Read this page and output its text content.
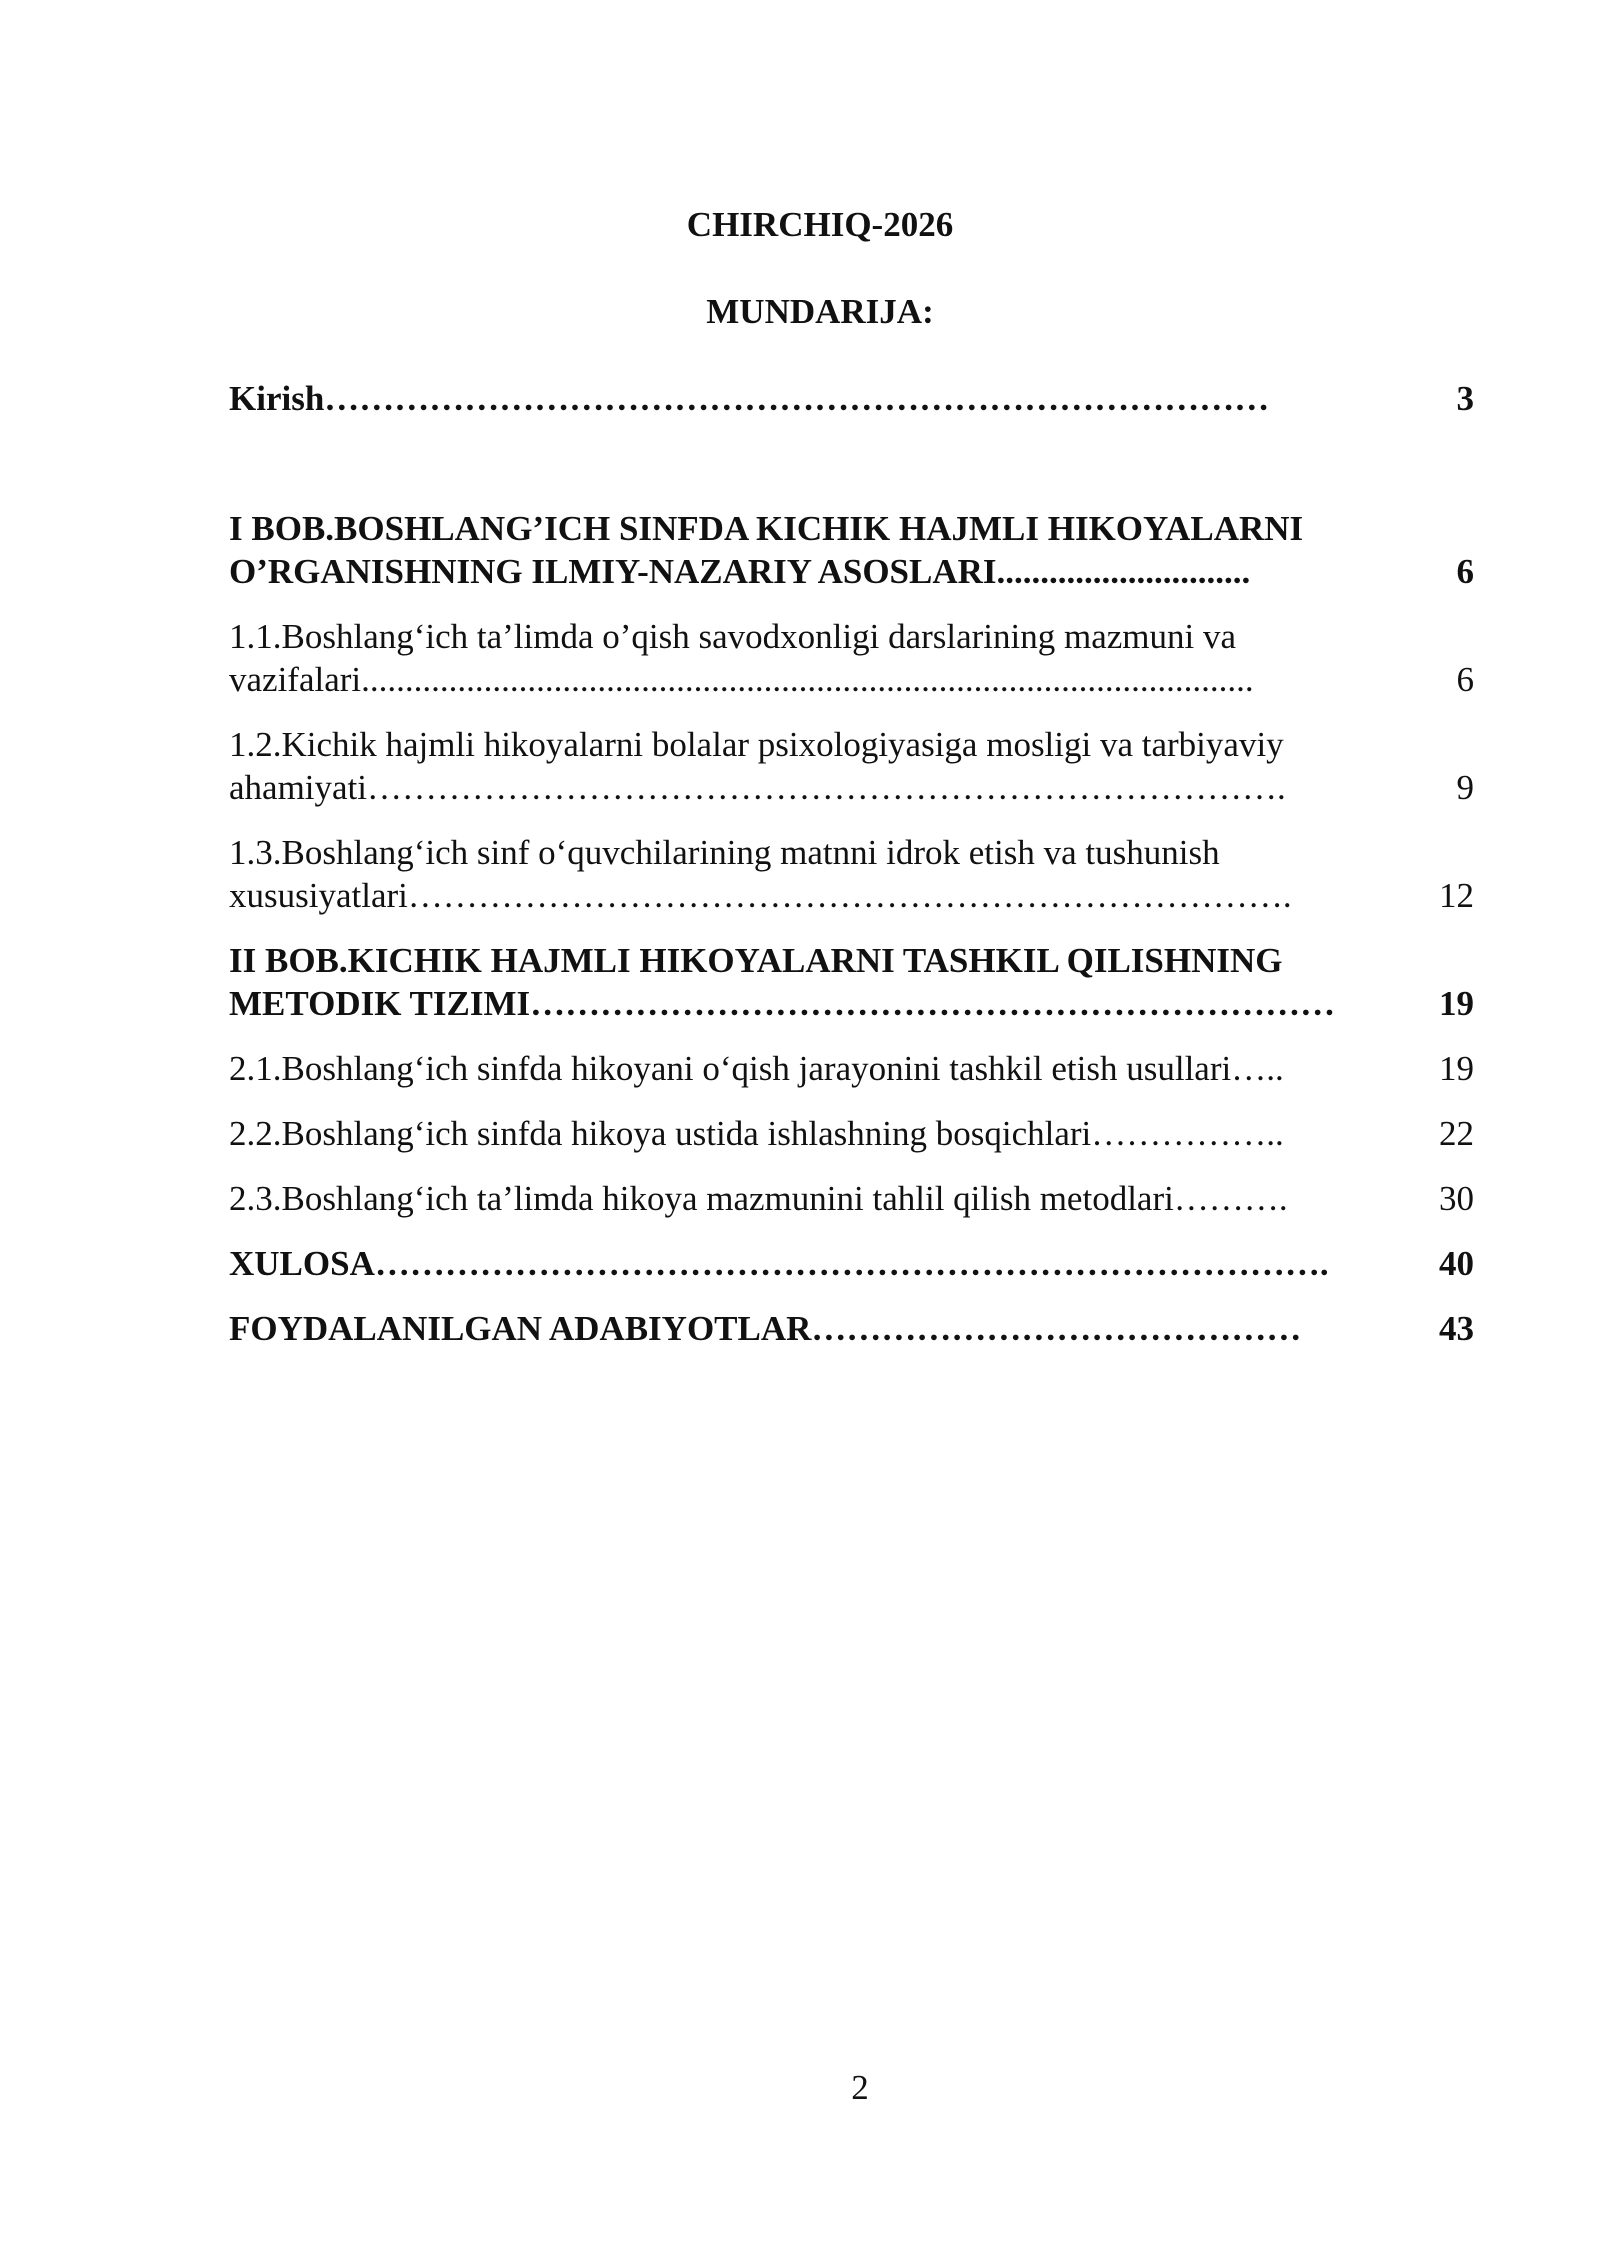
CHIRCHIQ-2026
MUNDARIJA:
Kirish………………………………………………………………………	3
I BOB.BOSHLANG’ICH SINFDA KICHIK HAJMLI HIKOYALARNI
O’RGANISHNING ILMIY-NAZARIY ASOSLARI.............................	6
1.1.Boshlang‘ich ta’limda o’qish savodxonligi darslarining mazmuni va
vazifalari......................................................................................................	6
1.2.Kichik hajmli hikoyalarni bolalar psixologiyasiga mosligi va tarbiyaviy
ahamiyati…………………………………………………………………….	9
1.3.Boshlang‘ich sinf o‘quvchilarining matnni idrok etish va tushunish
xususiyatlari………………………………………………………………….	12
II BOB.KICHIK HAJMLI HIKOYALARNI TASHKIL QILISHNING
METODIK TIZIMI……………………………………………………………	19
2.1.Boshlang‘ich sinfda hikoyani o‘qish jarayonini tashkil etish usullari…..	19
2.2.Boshlang‘ich sinfda hikoya ustida ishlashning bosqichlari……………..	22
2.3.Boshlang‘ich ta’limda hikoya mazmunini tahlil qilish metodlari……….	30
XULOSA……………………………………………………………………….	40
FOYDALANILGAN ADABIYOTLAR……………………………………	43
2
